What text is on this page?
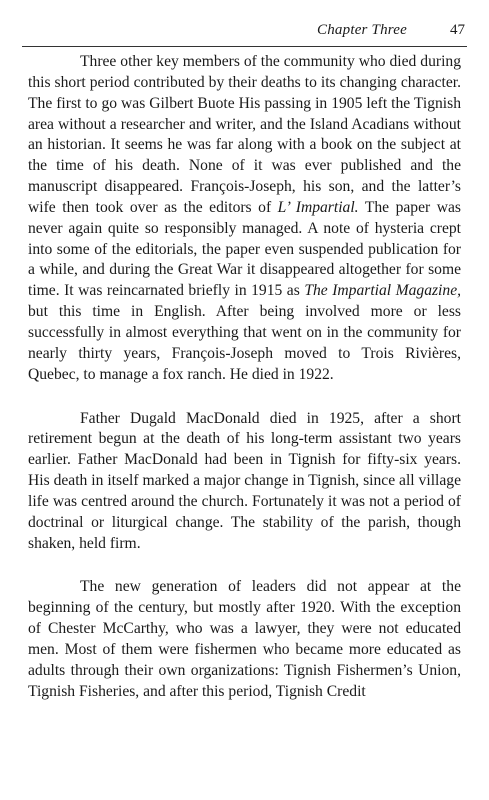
Chapter Three	47

Three other key members of the community who died during this short period contributed by their deaths to its changing character. The first to go was Gilbert Buote His passing in 1905 left the Tignish area without a researcher and writer, and the Island Acadians without an historian. It seems he was far along with a book on the subject at the time of his death. None of it was ever published and the manuscript disappeared. François-Joseph, his son, and the latter’s wife then took over as the editors of L’ Impartial. The paper was never again quite so responsibly managed. A note of hysteria crept into some of the editorials, the paper even suspended publication for a while, and during the Great War it disappeared altogether for some time. It was reincarnated briefly in 1915 as The Impartial Magazine, but this time in English. After being involved more or less successfully in almost everything that went on in the community for nearly thirty years, François-Joseph moved to Trois Rivières, Quebec, to manage a fox ranch. He died in 1922.

Father Dugald MacDonald died in 1925, after a short retirement begun at the death of his long-term assistant two years earlier. Father MacDonald had been in Tignish for fifty-six years. His death in itself marked a major change in Tignish, since all village life was centred around the church. Fortunately it was not a period of doctrinal or liturgical change. The stability of the parish, though shaken, held firm.

The new generation of leaders did not appear at the beginning of the century, but mostly after 1920. With the exception of Chester McCarthy, who was a lawyer, they were not educated men. Most of them were fishermen who became more educated as adults through their own organizations: Tignish Fishermen’s Union, Tignish Fisheries, and after this period, Tignish Credit
